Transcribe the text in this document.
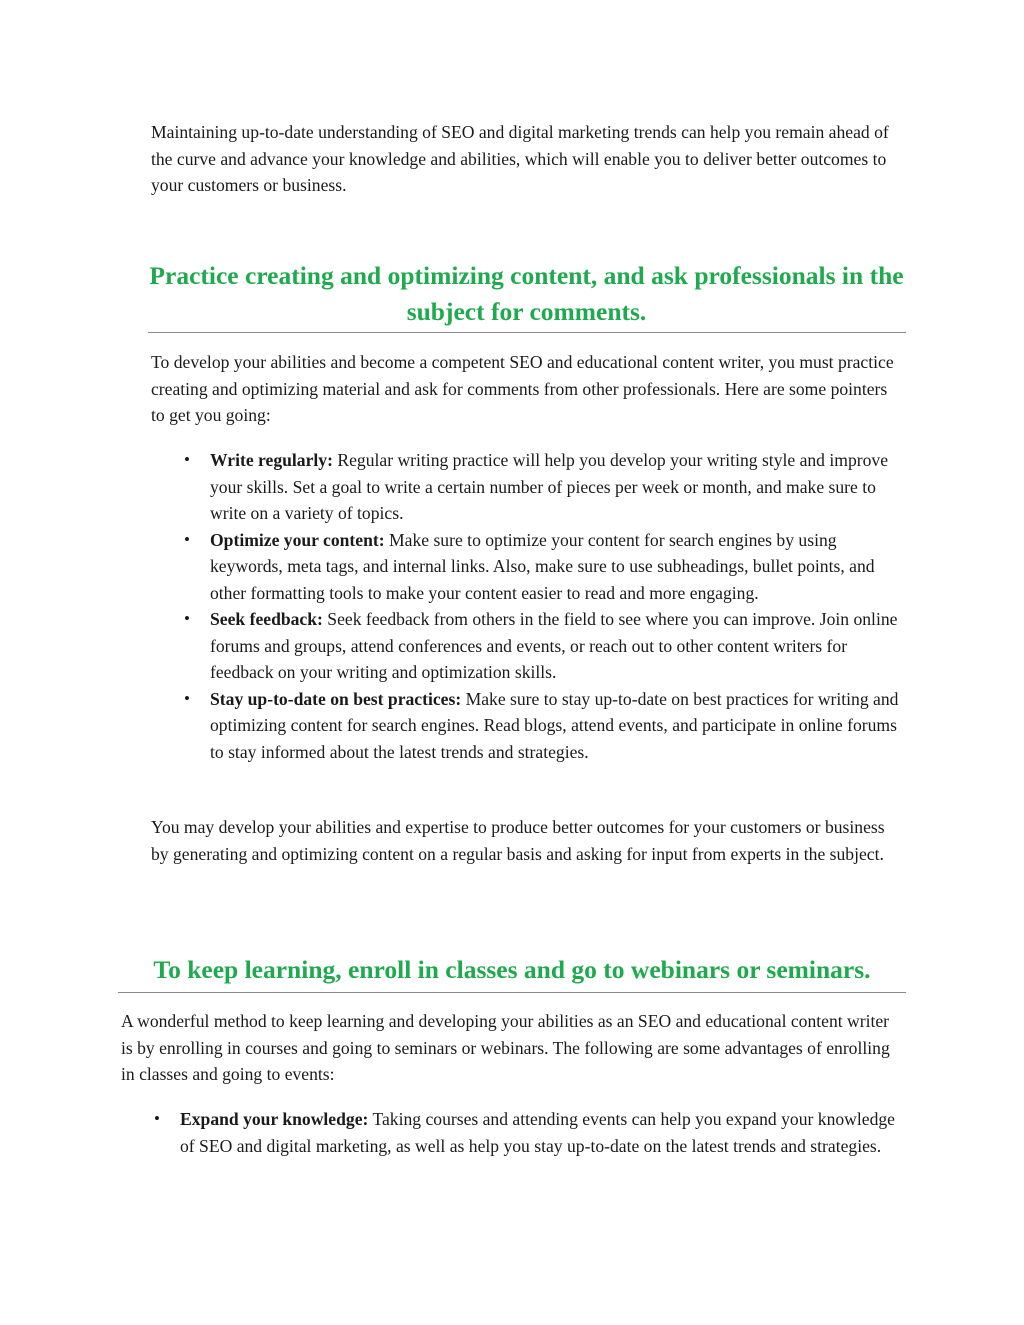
Maintaining up-to-date understanding of SEO and digital marketing trends can help you remain ahead of the curve and advance your knowledge and abilities, which will enable you to deliver better outcomes to your customers or business.

Practice creating and optimizing content, and ask professionals in the subject for comments.

To develop your abilities and become a competent SEO and educational content writer, you must practice creating and optimizing material and ask for comments from other professionals. Here are some pointers to get you going:

• Write regularly: Regular writing practice will help you develop your writing style and improve your skills. Set a goal to write a certain number of pieces per week or month, and make sure to write on a variety of topics.
• Optimize your content: Make sure to optimize your content for search engines by using keywords, meta tags, and internal links. Also, make sure to use subheadings, bullet points, and other formatting tools to make your content easier to read and more engaging.
• Seek feedback: Seek feedback from others in the field to see where you can improve. Join online forums and groups, attend conferences and events, or reach out to other content writers for feedback on your writing and optimization skills.
• Stay up-to-date on best practices: Make sure to stay up-to-date on best practices for writing and optimizing content for search engines. Read blogs, attend events, and participate in online forums to stay informed about the latest trends and strategies.

You may develop your abilities and expertise to produce better outcomes for your customers or business by generating and optimizing content on a regular basis and asking for input from experts in the subject.

To keep learning, enroll in classes and go to webinars or seminars.

A wonderful method to keep learning and developing your abilities as an SEO and educational content writer is by enrolling in courses and going to seminars or webinars. The following are some advantages of enrolling in classes and going to events:

• Expand your knowledge: Taking courses and attending events can help you expand your knowledge of SEO and digital marketing, as well as help you stay up-to-date on the latest trends and strategies.
